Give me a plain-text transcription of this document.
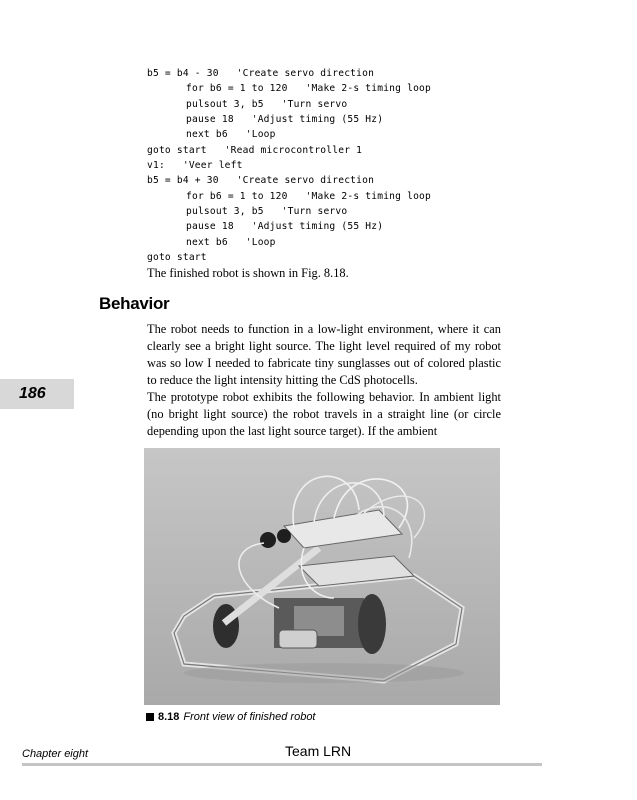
b5 = b4 - 30   'Create servo direction
for b6 = 1 to 120   'Make 2-s timing loop
pulsout 3, b5   'Turn servo
pause 18   'Adjust timing (55 Hz)
next b6   'Loop
goto start   'Read microcontroller 1
v1:   'Veer left
b5 = b4 + 30   'Create servo direction
for b6 = 1 to 120   'Make 2-s timing loop
pulsout 3, b5   'Turn servo
pause 18   'Adjust timing (55 Hz)
next b6   'Loop
goto start
The finished robot is shown in Fig. 8.18.
Behavior
The robot needs to function in a low-light environment, where it can clearly see a bright light source. The light level required of my robot was so low I needed to fabricate tiny sunglasses out of colored plastic to reduce the light intensity hitting the CdS photocells.
186	The prototype robot exhibits the following behavior. In ambient light (no bright light source) the robot travels in a straight line (or circle depending upon the last light source target). If the ambient
8.18 Front view of finished robot
Chapter eight	Team LRN
